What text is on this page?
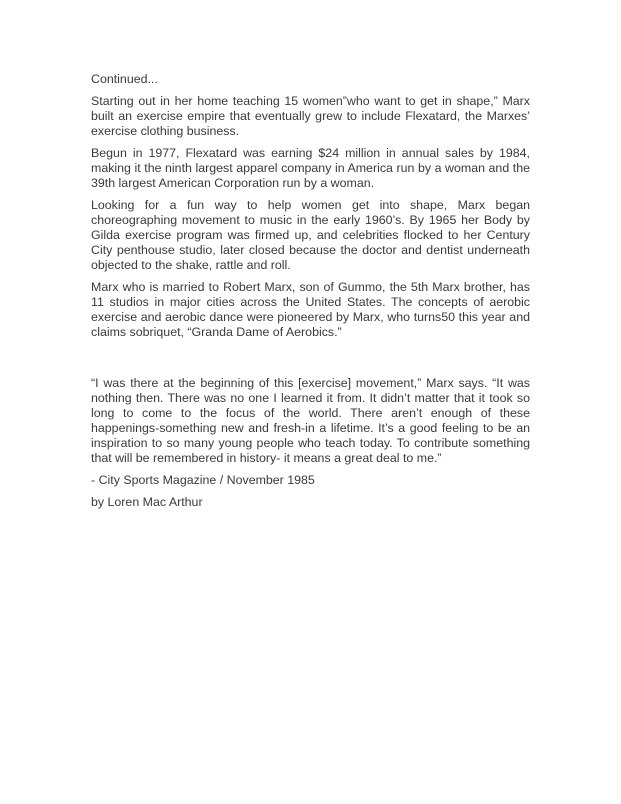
Continued...

Starting out in her home teaching 15 women”who want to get in shape,” Marx built an exercise empire that eventually grew to include Flexatard, the Marxes’ exercise clothing business.

Begun in 1977, Flexatard was earning $24 million in annual sales by 1984, making it the ninth largest apparel company in America run by a woman and the 39th largest American Corporation run by a woman.

Looking for a fun way to help women get into shape, Marx began choreographing movement to music in the early 1960’s. By 1965 her Body by Gilda exercise program was firmed up, and celebrities flocked to her Century City penthouse studio, later closed because the doctor and dentist underneath objected to the shake, rattle and roll.

Marx who is married to Robert Marx, son of Gummo, the 5th Marx brother, has 11 studios in major cities across the United States. The concepts of aerobic exercise and aerobic dance were pioneered by Marx, who turns50 this year and claims sobriquet, “Granda Dame of Aerobics.”

“I was there at the beginning of this [exercise] movement,” Marx says. “It was nothing then. There was no one I learned it from. It didn’t matter that it took so long to come to the focus of the world. There aren’t enough of these happenings-something new and fresh-in a lifetime. It’s a good feeling to be an inspiration to so many young people who teach today. To contribute something that will be remembered in history- it means a great deal to me.”

- City Sports Magazine / November 1985

by Loren Mac Arthur
